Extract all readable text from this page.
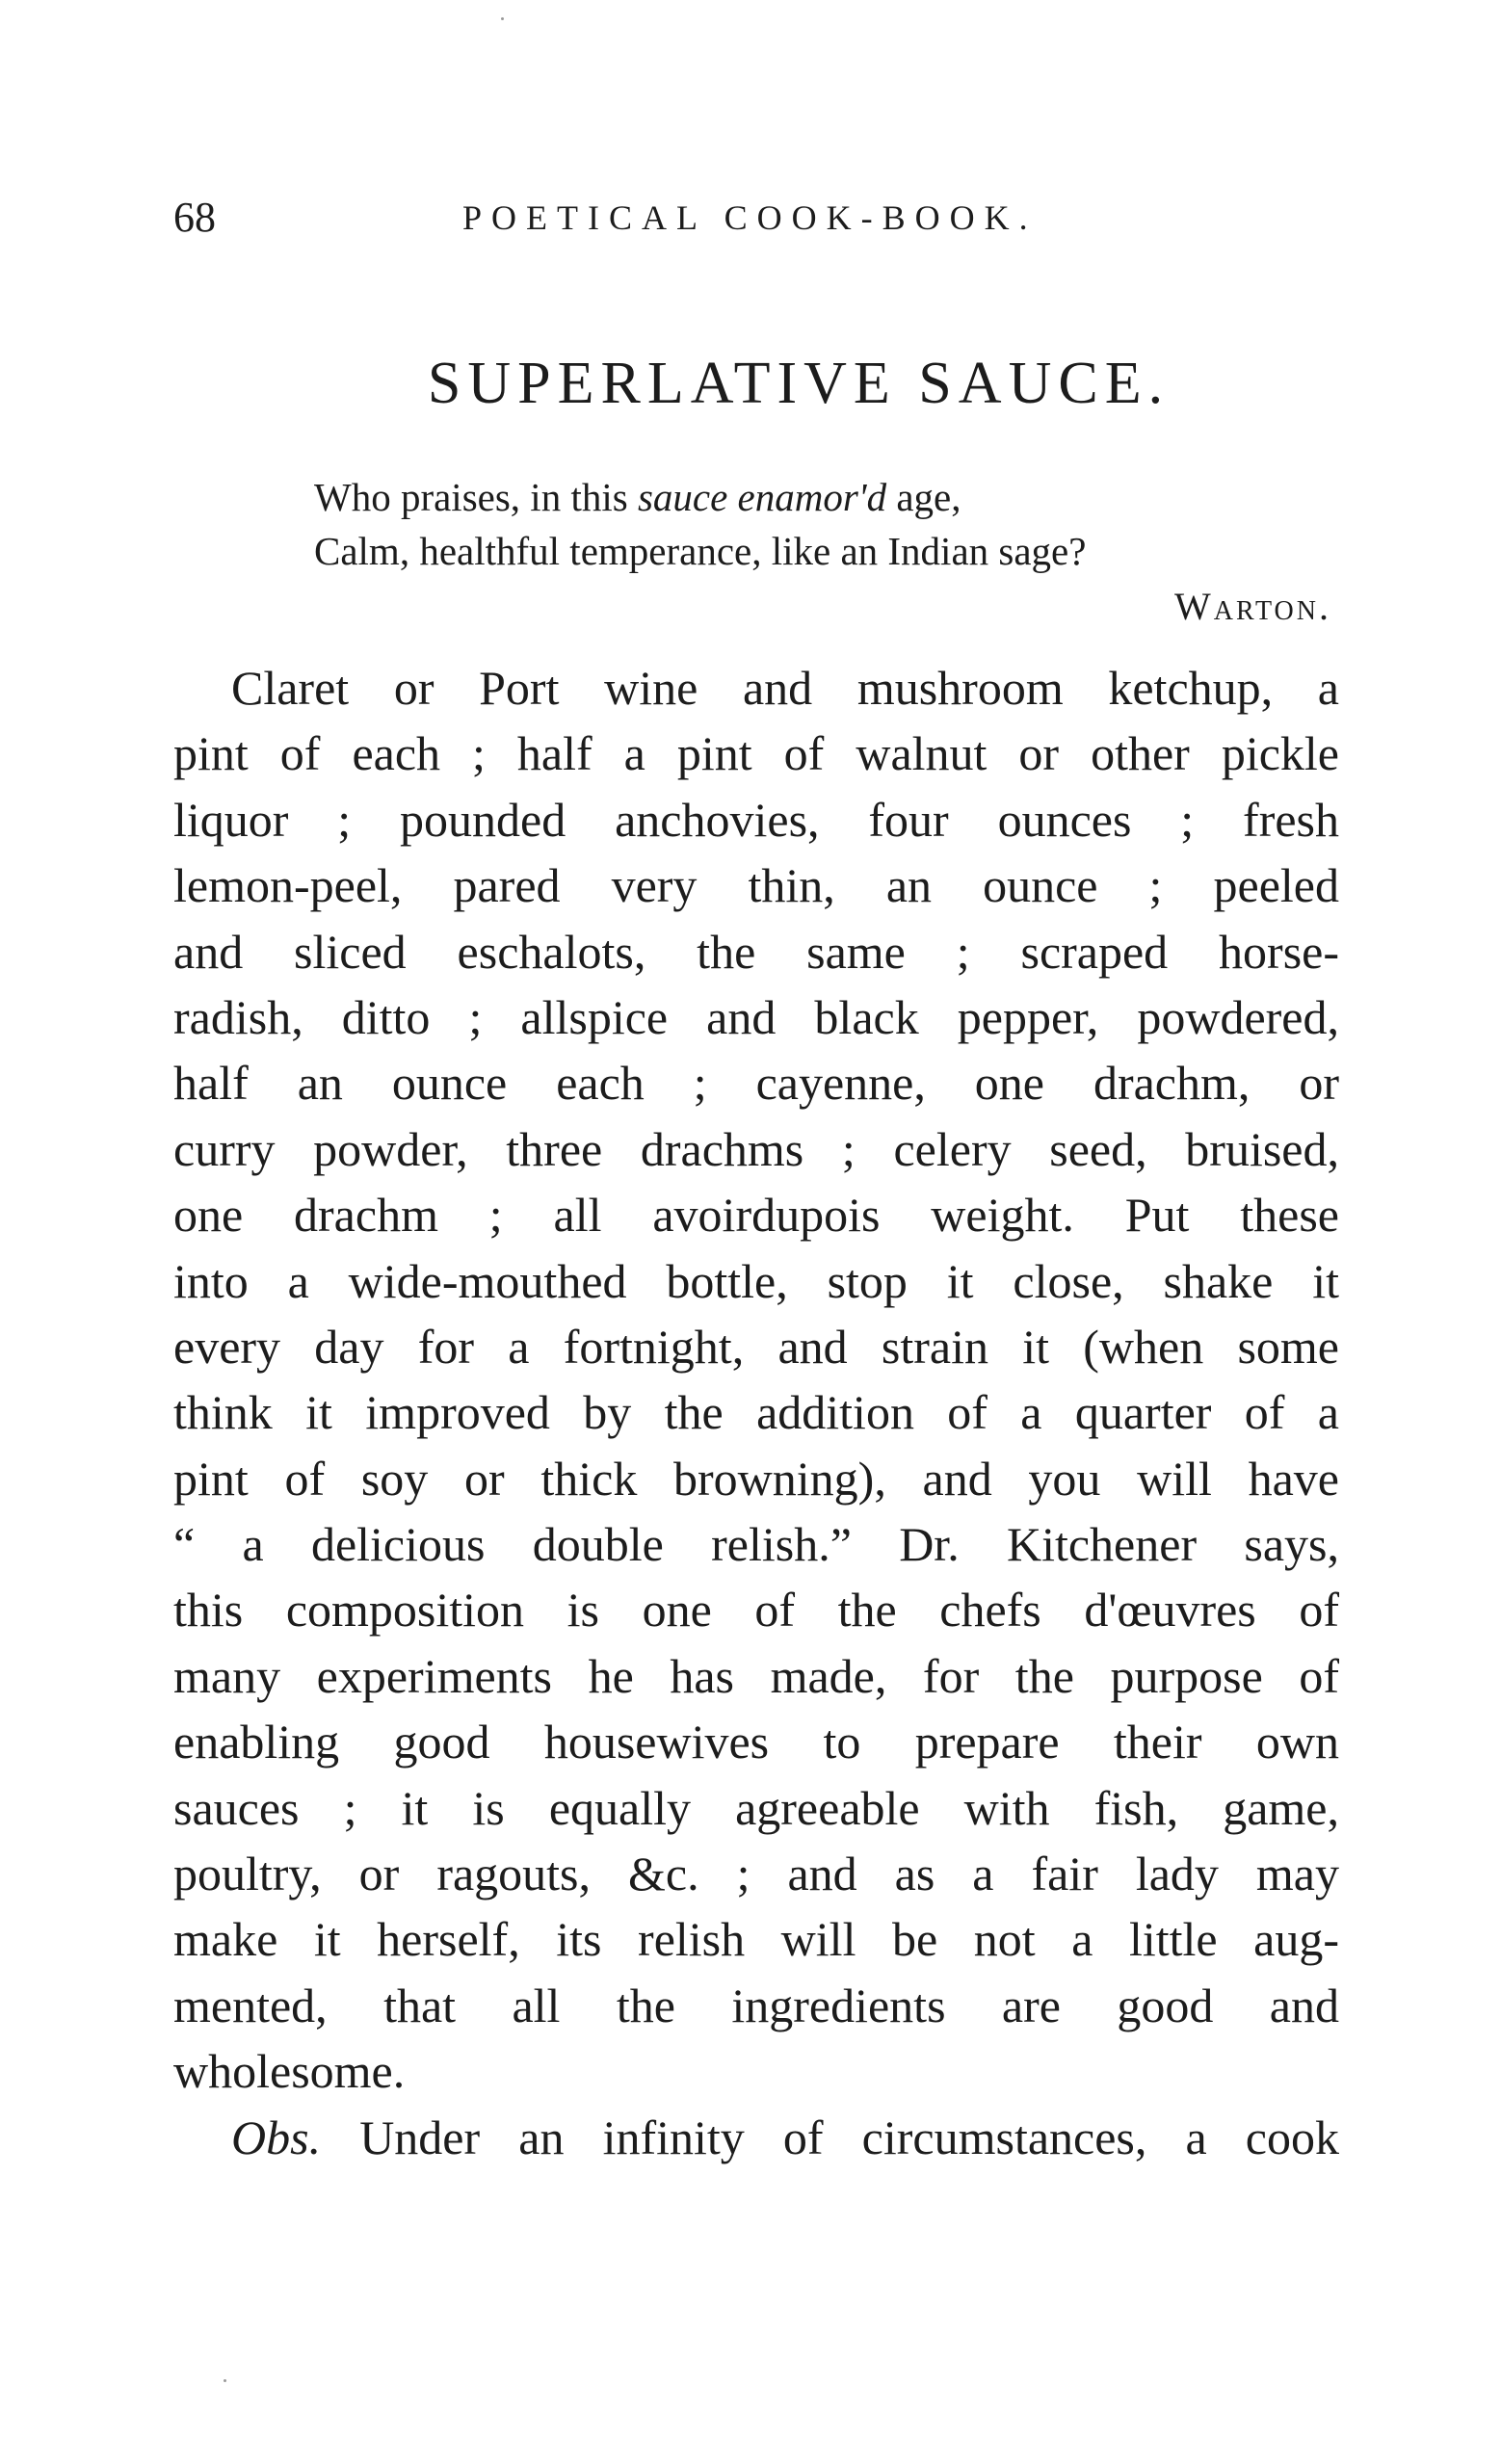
68	POETICAL COOK-BOOK.
SUPERLATIVE SAUCE.
Who praises, in this sauce enamor'd age,
Calm, healthful temperance, like an Indian sage?
Warton.
Claret or Port wine and mushroom ketchup, a
pint of each ; half a pint of walnut or other pickle
liquor ; pounded anchovies, four ounces ; fresh
lemon-peel, pared very thin, an ounce ; peeled
and sliced eschalots, the same ; scraped horse-
radish, ditto ; allspice and black pepper, powdered,
half an ounce each ; cayenne, one drachm, or
curry powder, three drachms ; celery seed, bruised,
one drachm ; all avoirdupois weight. Put these
into a wide-mouthed bottle, stop it close, shake it
every day for a fortnight, and strain it (when some
think it improved by the addition of a quarter of a
pint of soy or thick browning), and you will have
“ a delicious double relish.” Dr. Kitchener says,
this composition is one of the chefs d'œuvres of
many experiments he has made, for the purpose of
enabling good housewives to prepare their own
sauces ; it is equally agreeable with fish, game,
poultry, or ragouts, &c. ; and as a fair lady may
make it herself, its relish will be not a little aug-
mented, that all the ingredients are good and
wholesome.
Obs. Under an infinity of circumstances, a cook
